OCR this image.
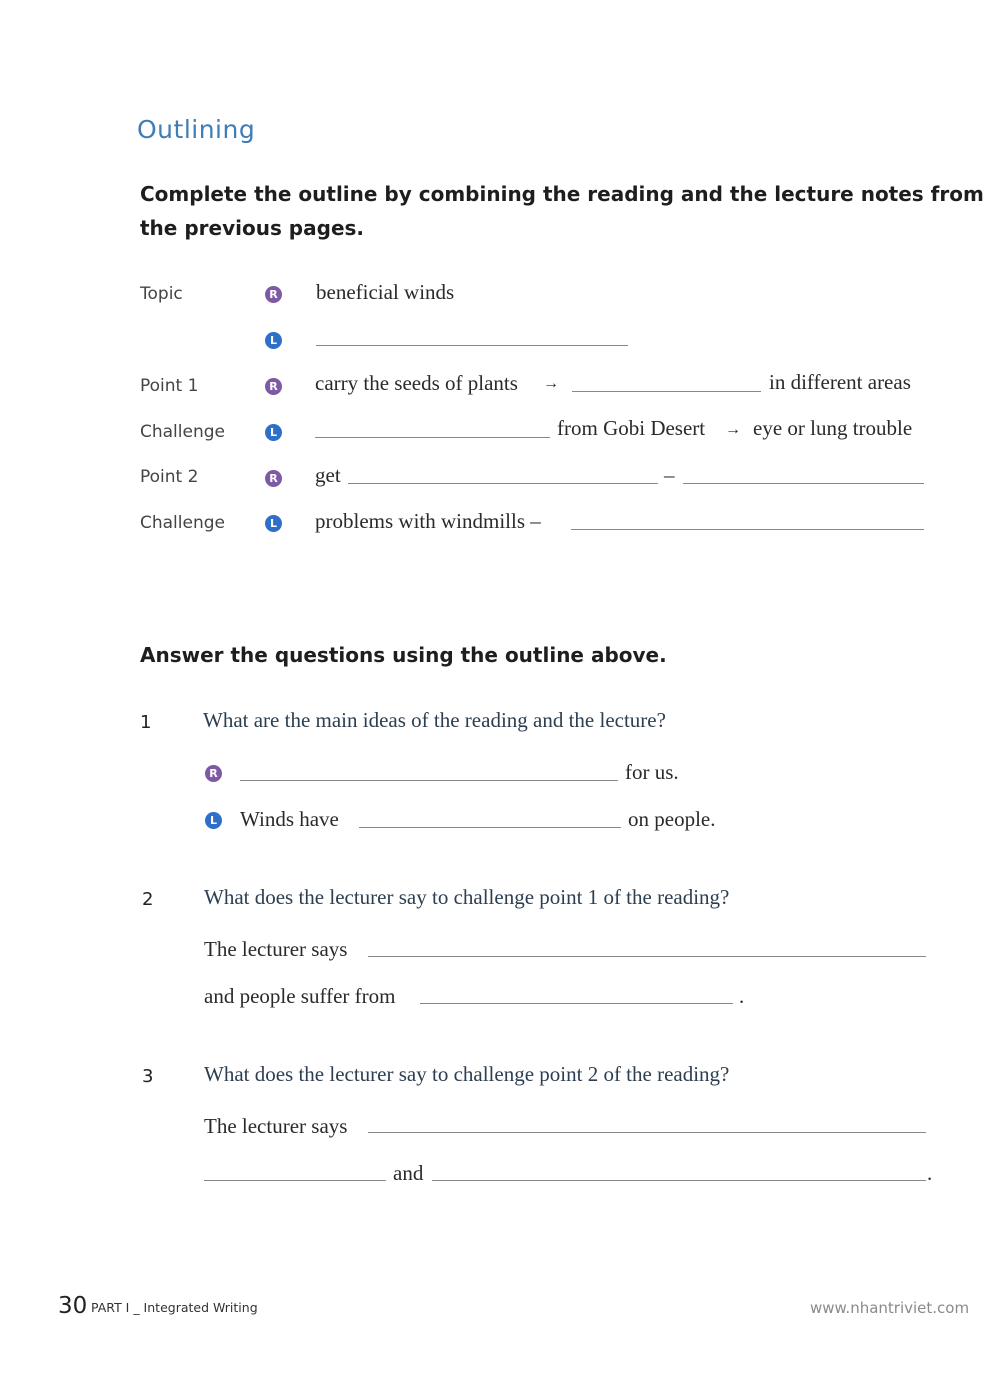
Outlining
Complete the outline by combining the reading and the lecture notes from
the previous pages.
Topic	R beneficial winds
L
Point 1	R carry the seeds of plants →	in different areas
Challenge	L	from Gobi Desert → eye or lung trouble
Point 2	R get	–
Challenge	L problems with windmills –
Answer the questions using the outline above.
1 What are the main ideas of the reading and the lecture?
R	for us.
L Winds have	on people.
2 What does the lecturer say to challenge point 1 of the reading?
The lecturer says
and people suffer from	.
3 What does the lecturer say to challenge point 2 of the reading?
The lecturer says
and	.
30 PART I _ Integrated Writing	www.nhantriviet.com
